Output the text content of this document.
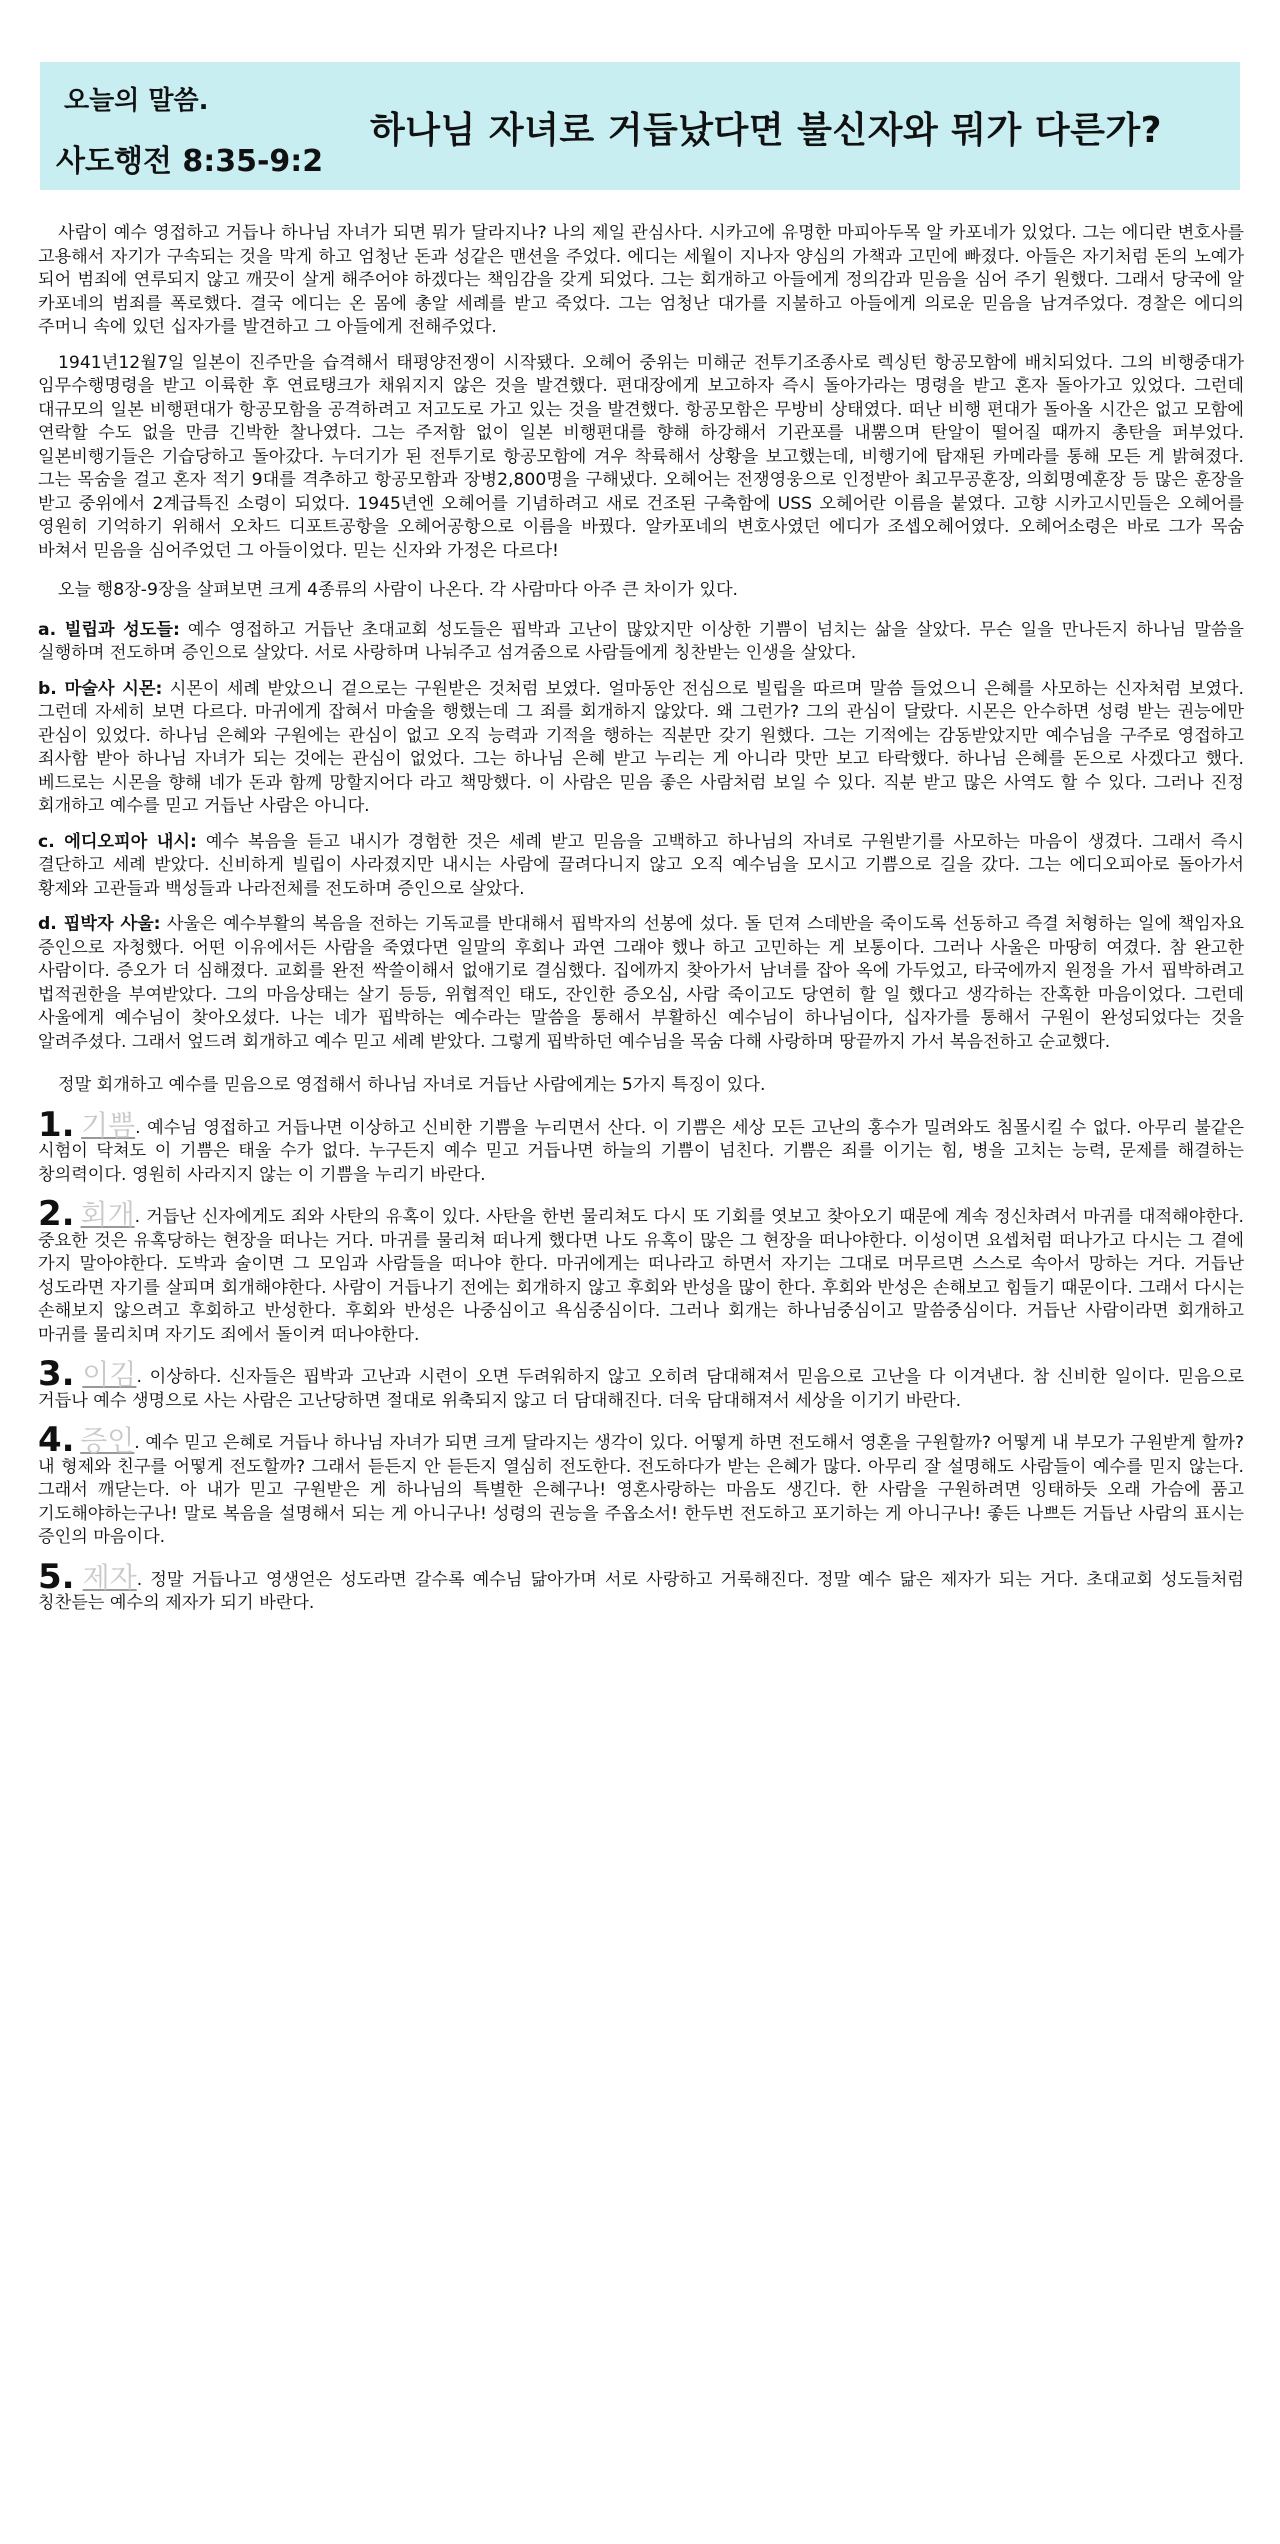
오늘의 말씀.
사도행전 8:35-9:2
하나님 자녀로 거듭났다면 불신자와 뭐가 다른가?

사람이 예수 영접하고 거듭나 하나님 자녀가 되면 뭐가 달라지나? 나의 제일 관심사다. 시카고에 유명한 마피아두목 알 카포네가 있었다. 그는 에디란 변호사를 고용해서 자기가 구속되는 것을 막게 하고 엄청난 돈과 성같은 맨션을 주었다. 에디는 세월이 지나자 양심의 가책과 고민에 빠졌다. 아들은 자기처럼 돈의 노예가 되어 범죄에 연루되지 않고 깨끗이 살게 해주어야 하겠다는 책임감을 갖게 되었다. 그는 회개하고 아들에게 정의감과 믿음을 심어 주기 원했다. 그래서 당국에 알 카포네의 범죄를 폭로했다. 결국 에디는 온 몸에 총알 세례를 받고 죽었다. 그는 엄청난 대가를 지불하고 아들에게 의로운 믿음을 남겨주었다. 경찰은 에디의 주머니 속에 있던 십자가를 발견하고 그 아들에게 전해주었다.

1941년12월7일 일본이 진주만을 습격해서 태평양전쟁이 시작됐다. 오헤어 중위는 미해군 전투기조종사로 렉싱턴 항공모함에 배치되었다. 그의 비행중대가 임무수행명령을 받고 이륙한 후 연료탱크가 채워지지 않은 것을 발견했다. 편대장에게 보고하자 즉시 돌아가라는 명령을 받고 혼자 돌아가고 있었다. 그런데 대규모의 일본 비행편대가 항공모함을 공격하려고 저고도로 가고 있는 것을 발견했다. 항공모함은 무방비 상태였다. 떠난 비행 편대가 돌아올 시간은 없고 모함에 연락할 수도 없을 만큼 긴박한 찰나였다. 그는 주저함 없이 일본 비행편대를 향해 하강해서 기관포를 내뿜으며 탄알이 떨어질 때까지 총탄을 퍼부었다. 일본비행기들은 기습당하고 돌아갔다. 누더기가 된 전투기로 항공모함에 겨우 착륙해서 상황을 보고했는데, 비행기에 탑재된 카메라를 통해 모든 게 밝혀졌다. 그는 목숨을 걸고 혼자 적기 9대를 격추하고 항공모함과 장병2,800명을 구해냈다. 오헤어는 전쟁영웅으로 인정받아 최고무공훈장, 의회명예훈장 등 많은 훈장을 받고 중위에서 2계급특진 소령이 되었다. 1945년엔 오헤어를 기념하려고 새로 건조된 구축함에 USS 오헤어란 이름을 붙였다. 고향 시카고시민들은 오헤어를 영원히 기억하기 위해서 오차드 디포트공항을 오헤어공항으로 이름을 바꿨다. 알카포네의 변호사였던 에디가 조셉오헤어였다. 오헤어소령은 바로 그가 목숨 바쳐서 믿음을 심어주었던 그 아들이었다. 믿는 신자와 가정은 다르다!

오늘 행8장-9장을 살펴보면 크게 4종류의 사람이 나온다. 각 사람마다 아주 큰 차이가 있다.

a. 빌립과 성도들: 예수 영접하고 거듭난 초대교회 성도들은 핍박과 고난이 많았지만 이상한 기쁨이 넘치는 삶을 살았다. 무슨 일을 만나든지 하나님 말씀을 실행하며 전도하며 증인으로 살았다. 서로 사랑하며 나눠주고 섬겨줌으로 사람들에게 칭찬받는 인생을 살았다.

b. 마술사 시몬: 시몬이 세례 받았으니 겉으로는 구원받은 것처럼 보였다. 얼마동안 전심으로 빌립을 따르며 말씀 들었으니 은혜를 사모하는 신자처럼 보였다. 그런데 자세히 보면 다르다. 마귀에게 잡혀서 마술을 행했는데 그 죄를 회개하지 않았다. 왜 그런가? 그의 관심이 달랐다. 시몬은 안수하면 성령 받는 권능에만 관심이 있었다. 하나님 은혜와 구원에는 관심이 없고 오직 능력과 기적을 행하는 직분만 갖기 원했다. 그는 기적에는 감동받았지만 예수님을 구주로 영접하고 죄사함 받아 하나님 자녀가 되는 것에는 관심이 없었다. 그는 하나님 은혜 받고 누리는 게 아니라 맛만 보고 타락했다. 하나님 은혜를 돈으로 사겠다고 했다. 베드로는 시몬을 향해 네가 돈과 함께 망할지어다 라고 책망했다. 이 사람은 믿음 좋은 사람처럼 보일 수 있다. 직분 받고 많은 사역도 할 수 있다. 그러나 진정 회개하고 예수를 믿고 거듭난 사람은 아니다.

c. 에디오피아 내시: 예수 복음을 듣고 내시가 경험한 것은 세례 받고 믿음을 고백하고 하나님의 자녀로 구원받기를 사모하는 마음이 생겼다. 그래서 즉시 결단하고 세례 받았다. 신비하게 빌립이 사라졌지만 내시는 사람에 끌려다니지 않고 오직 예수님을 모시고 기쁨으로 길을 갔다. 그는 에디오피아로 돌아가서 황제와 고관들과 백성들과 나라전체를 전도하며 증인으로 살았다.

d. 핍박자 사울: 사울은 예수부활의 복음을 전하는 기독교를 반대해서 핍박자의 선봉에 섰다. 돌 던져 스데반을 죽이도록 선동하고 즉결 처형하는 일에 책임자요 증인으로 자청했다. 어떤 이유에서든 사람을 죽였다면 일말의 후회나 과연 그래야 했나 하고 고민하는 게 보통이다. 그러나 사울은 마땅히 여겼다. 참 완고한 사람이다. 증오가 더 심해졌다. 교회를 완전 싹쓸이해서 없애기로 결심했다. 집에까지 찾아가서 남녀를 잡아 옥에 가두었고, 타국에까지 원정을 가서 핍박하려고 법적권한을 부여받았다. 그의 마음상태는 살기 등등, 위협적인 태도, 잔인한 증오심, 사람 죽이고도 당연히 할 일 했다고 생각하는 잔혹한 마음이었다. 그런데 사울에게 예수님이 찾아오셨다. 나는 네가 핍박하는 예수라는 말씀을 통해서 부활하신 예수님이 하나님이다, 십자가를 통해서 구원이 완성되었다는 것을 알려주셨다. 그래서 엎드려 회개하고 예수 믿고 세례 받았다. 그렇게 핍박하던 예수님을 목숨 다해 사랑하며 땅끝까지 가서 복음전하고 순교했다.

정말 회개하고 예수를 믿음으로 영접해서 하나님 자녀로 거듭난 사람에게는 5가지 특징이 있다.

1. 기쁨. 예수님 영접하고 거듭나면 이상하고 신비한 기쁨을 누리면서 산다. 이 기쁨은 세상 모든 고난의 홍수가 밀려와도 침몰시킬 수 없다. 아무리 불같은 시험이 닥쳐도 이 기쁨은 태울 수가 없다. 누구든지 예수 믿고 거듭나면 하늘의 기쁨이 넘친다. 기쁨은 죄를 이기는 힘, 병을 고치는 능력, 문제를 해결하는 창의력이다. 영원히 사라지지 않는 이 기쁨을 누리기 바란다.

2. 회개. 거듭난 신자에게도 죄와 사탄의 유혹이 있다. 사탄을 한번 물리쳐도 다시 또 기회를 엿보고 찾아오기 때문에 계속 정신차려서 마귀를 대적해야한다. 중요한 것은 유혹당하는 현장을 떠나는 거다. 마귀를 물리쳐 떠나게 했다면 나도 유혹이 많은 그 현장을 떠나야한다. 이성이면 요셉처럼 떠나가고 다시는 그 곁에 가지 말아야한다. 도박과 술이면 그 모임과 사람들을 떠나야 한다. 마귀에게는 떠나라고 하면서 자기는 그대로 머무르면 스스로 속아서 망하는 거다. 거듭난 성도라면 자기를 살피며 회개해야한다. 사람이 거듭나기 전에는 회개하지 않고 후회와 반성을 많이 한다. 후회와 반성은 손해보고 힘들기 때문이다. 그래서 다시는 손해보지 않으려고 후회하고 반성한다. 후회와 반성은 나중심이고 욕심중심이다. 그러나 회개는 하나님중심이고 말씀중심이다. 거듭난 사람이라면 회개하고 마귀를 물리치며 자기도 죄에서 돌이켜 떠나야한다.

3. 이김. 이상하다. 신자들은 핍박과 고난과 시련이 오면 두려워하지 않고 오히려 담대해져서 믿음으로 고난을 다 이겨낸다. 참 신비한 일이다. 믿음으로 거듭나 예수 생명으로 사는 사람은 고난당하면 절대로 위축되지 않고 더 담대해진다. 더욱 담대해져서 세상을 이기기 바란다.

4. 증인. 예수 믿고 은혜로 거듭나 하나님 자녀가 되면 크게 달라지는 생각이 있다. 어떻게 하면 전도해서 영혼을 구원할까? 어떻게 내 부모가 구원받게 할까? 내 형제와 친구를 어떻게 전도할까? 그래서 듣든지 안 듣든지 열심히 전도한다. 전도하다가 받는 은혜가 많다. 아무리 잘 설명해도 사람들이 예수를 믿지 않는다. 그래서 깨닫는다. 아 내가 믿고 구원받은 게 하나님의 특별한 은혜구나! 영혼사랑하는 마음도 생긴다. 한 사람을 구원하려면 잉태하듯 오래 가슴에 품고 기도해야하는구나! 말로 복음을 설명해서 되는 게 아니구나! 성령의 권능을 주옵소서! 한두번 전도하고 포기하는 게 아니구나! 좋든 나쁘든 거듭난 사람의 표시는 증인의 마음이다.

5. 제자. 정말 거듭나고 영생얻은 성도라면 갈수록 예수님 닮아가며 서로 사랑하고 거룩해진다. 정말 예수 닮은 제자가 되는 거다. 초대교회 성도들처럼 칭찬듣는 예수의 제자가 되기 바란다.
